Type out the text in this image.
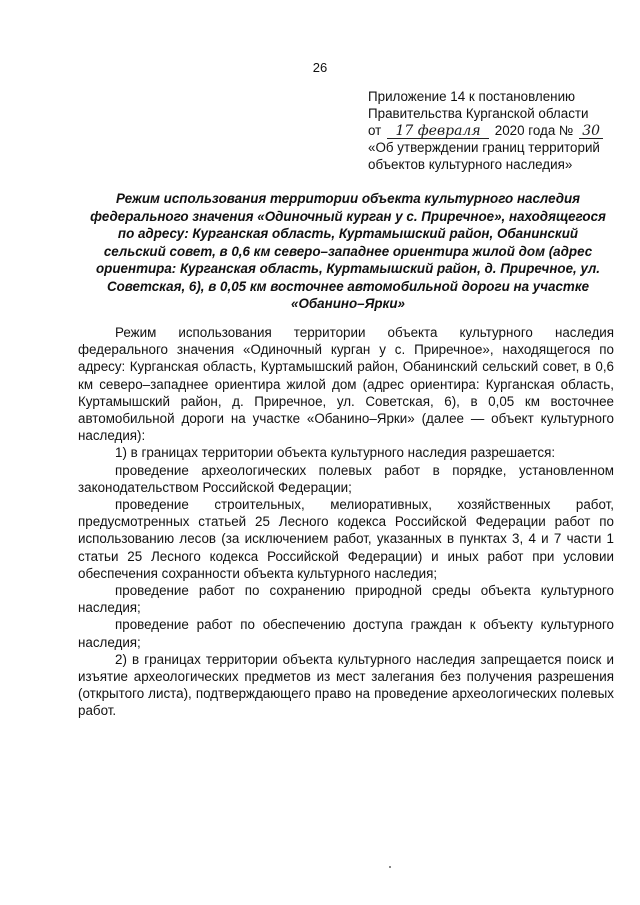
26
Приложение 14 к постановлению
Правительства Курганской области
от 17 февраля 2020 года № 30
«Об утверждении границ территорий
объектов культурного наследия»
Режим использования территории объекта культурного наследия федерального значения «Одиночный курган у с. Приречное», находящегося по адресу: Курганская область, Куртамышский район, Обанинский сельский совет, в 0,6 км северо–западнее ориентира жилой дом (адрес ориентира: Курганская область, Куртамышский район, д. Приречное, ул. Советская, 6), в 0,05 км восточнее автомобильной дороги на участке «Обанино–Ярки»

Режим использования территории объекта культурного наследия федерального значения «Одиночный курган у с. Приречное», находящегося по адресу: Курганская область, Куртамышский район, Обанинский сельский совет, в 0,6 км северо–западнее ориентира жилой дом (адрес ориентира: Курганская область, Куртамышский район, д. Приречное, ул. Советская, 6), в 0,05 км восточнее автомобильной дороги на участке «Обанино–Ярки» (далее — объект культурного наследия):

1) в границах территории объекта культурного наследия разрешается:

проведение археологических полевых работ в порядке, установленном законодательством Российской Федерации;

проведение строительных, мелиоративных, хозяйственных работ, предусмотренных статьей 25 Лесного кодекса Российской Федерации работ по использованию лесов (за исключением работ, указанных в пунктах 3, 4 и 7 части 1 статьи 25 Лесного кодекса Российской Федерации) и иных работ при условии обеспечения сохранности объекта культурного наследия;

проведение работ по сохранению природной среды объекта культурного наследия;

проведение работ по обеспечению доступа граждан к объекту культурного наследия;

2) в границах территории объекта культурного наследия запрещается поиск и изъятие археологических предметов из мест залегания без получения разрешения (открытого листа), подтверждающего право на проведение археологических полевых работ.
